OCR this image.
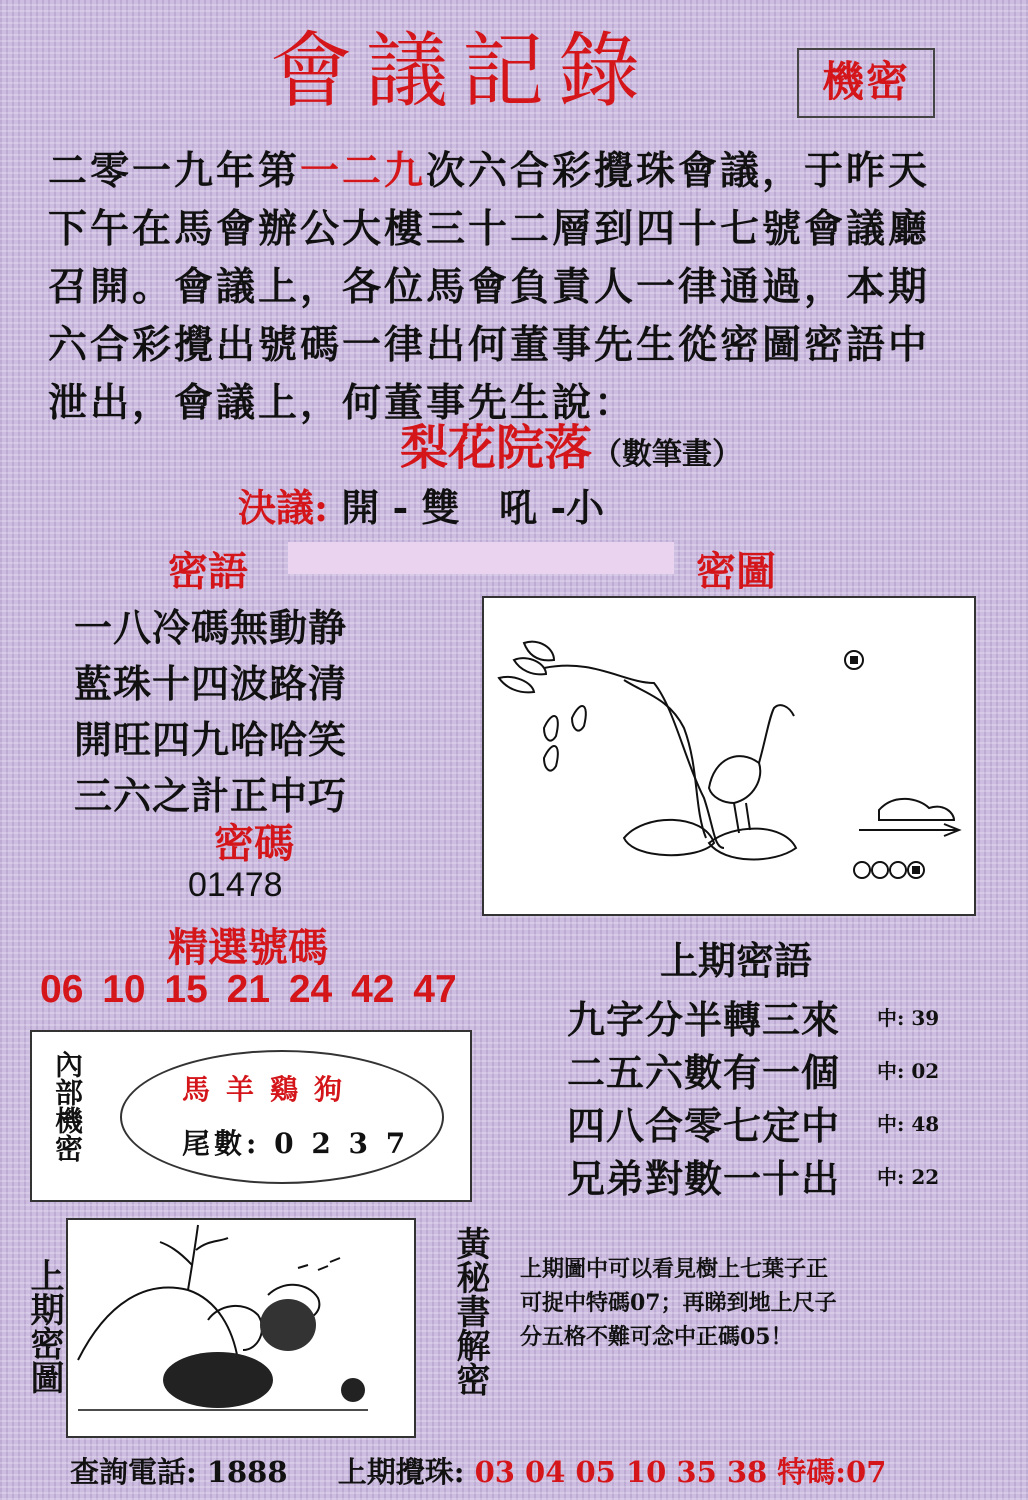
會議記錄	機密
二零一九年第一二九次六合彩攪珠會議，于昨天
下午在馬會辦公大樓三十二層到四十七號會議廳
召開。會議上，各位馬會負責人一律通過，本期
六合彩攪出號碼一律出何董事先生從密圖密語中
泄出，會議上，何董事先生說：
梨花院落（數筆畫）
決議: 開 - 雙   吼 -小
密語	密圖
一八冷碼無動静
藍珠十四波路清
開旺四九哈哈笑
三六之計正中巧
密碼
01478
精選號碼
06 10 15 21 24 42 47
上期密語
九字分半轉三來	中: 39
二五六數有一個	中: 02
四八合零七定中	中: 48
兄弟對數一十出	中: 22
內部機密	馬羊鷄狗
尾數: 0 2 3 7
上期密圖	黃秘書解密 上期圖中可以看見樹上七葉子正
可捉中特碼07；再睇到地上尺子
分五格不難可念中正碼05！
查詢電話: 1888 上期攪珠: 03 04 05 10 35 38 特碼:07
